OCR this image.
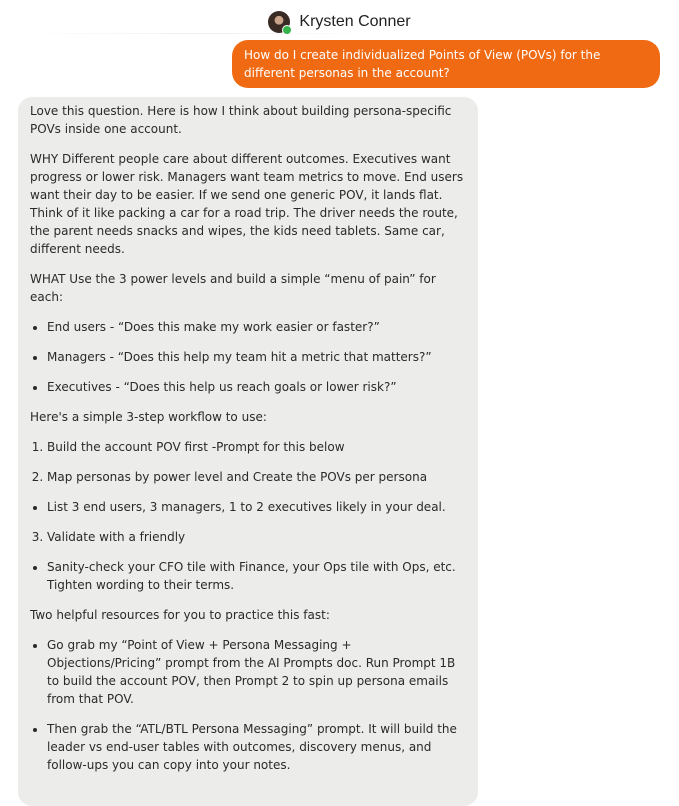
Krysten Conner
How do I create individualized Points of View (POVs) for the different personas in the account?

Love this question. Here is how I think about building persona-specific POVs inside one account.

WHY Different people care about different outcomes. Executives want progress or lower risk. Managers want team metrics to move. End users want their day to be easier. If we send one generic POV, it lands flat. Think of it like packing a car for a road trip. The driver needs the route, the parent needs snacks and wipes, the kids need tablets. Same car, different needs.

WHAT Use the 3 power levels and build a simple “menu of pain” for each:

• End users - “Does this make my work easier or faster?”
• Managers - “Does this help my team hit a metric that matters?”
• Executives - “Does this help us reach goals or lower risk?”

Here's a simple 3-step workflow to use:

1. Build the account POV first -Prompt for this below
2. Map personas by power level and Create the POVs per persona
• List 3 end users, 3 managers, 1 to 2 executives likely in your deal.
3. Validate with a friendly
• Sanity-check your CFO tile with Finance, your Ops tile with Ops, etc. Tighten wording to their terms.

Two helpful resources for you to practice this fast:

• Go grab my “Point of View + Persona Messaging + Objections/Pricing” prompt from the AI Prompts doc. Run Prompt 1B to build the account POV, then Prompt 2 to spin up persona emails from that POV.
• Then grab the “ATL/BTL Persona Messaging” prompt. It will build the leader vs end-user tables with outcomes, discovery menus, and follow-ups you can copy into your notes.
